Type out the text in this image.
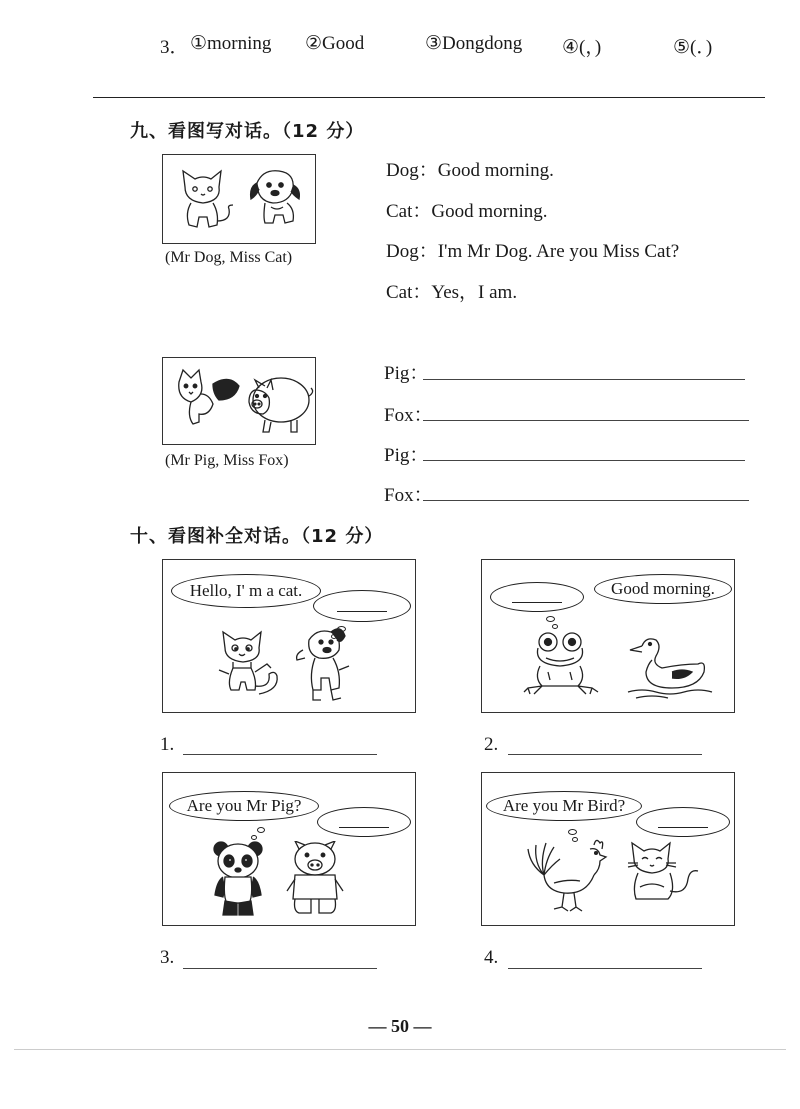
3． ①morning ②Good	③Dongdong ④(，)	⑤(．)
九、看图写对话。（12 分）
(Mr Dog, Miss Cat)
Dog：Good morning.
Cat：Good morning.
Dog：I'm Mr Dog. Are you Miss Cat?
Cat：Yes，I am.
(Mr Pig, Miss Fox)
Pig：
Fox：
Pig：
Fox：
十、看图补全对话。（12 分）
Hello, I' m a cat.
1.
Good morning.
2.
Are you Mr Pig?
3.
Are you Mr Bird?
4.
— 50 —
